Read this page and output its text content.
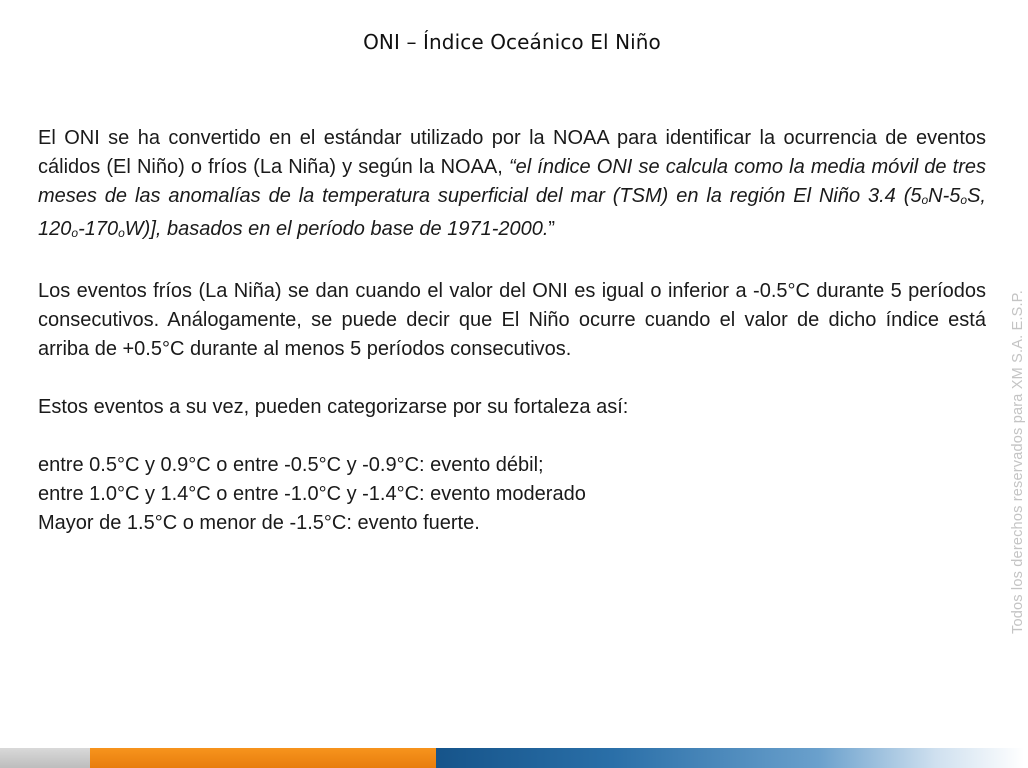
ONI – Índice Oceánico El Niño

El ONI se ha convertido en el estándar utilizado por la NOAA para identificar la ocurrencia de eventos cálidos (El Niño) o fríos (La Niña) y según la NOAA, “el índice ONI se calcula como la media móvil de tres meses de las anomalías de la temperatura superficial del mar (TSM) en la región El Niño 3.4 (5oN-5oS, 120o-170oW)], basados en el período base de 1971-2000.”

Los eventos fríos (La Niña) se dan cuando el valor del ONI es igual o inferior a -0.5°C durante 5 períodos consecutivos. Análogamente, se puede decir que El Niño ocurre cuando el valor de dicho índice está arriba de +0.5°C durante al menos 5 períodos consecutivos.

Estos eventos a su vez, pueden categorizarse por su fortaleza así:

entre 0.5°C y 0.9°C o entre -0.5°C y -0.9°C: evento débil;

entre 1.0°C y 1.4°C o entre -1.0°C y -1.4°C: evento moderado

Mayor de 1.5°C o menor de -1.5°C: evento fuerte.	Todos los derechos reservados para XM S.A. E.S.P.
